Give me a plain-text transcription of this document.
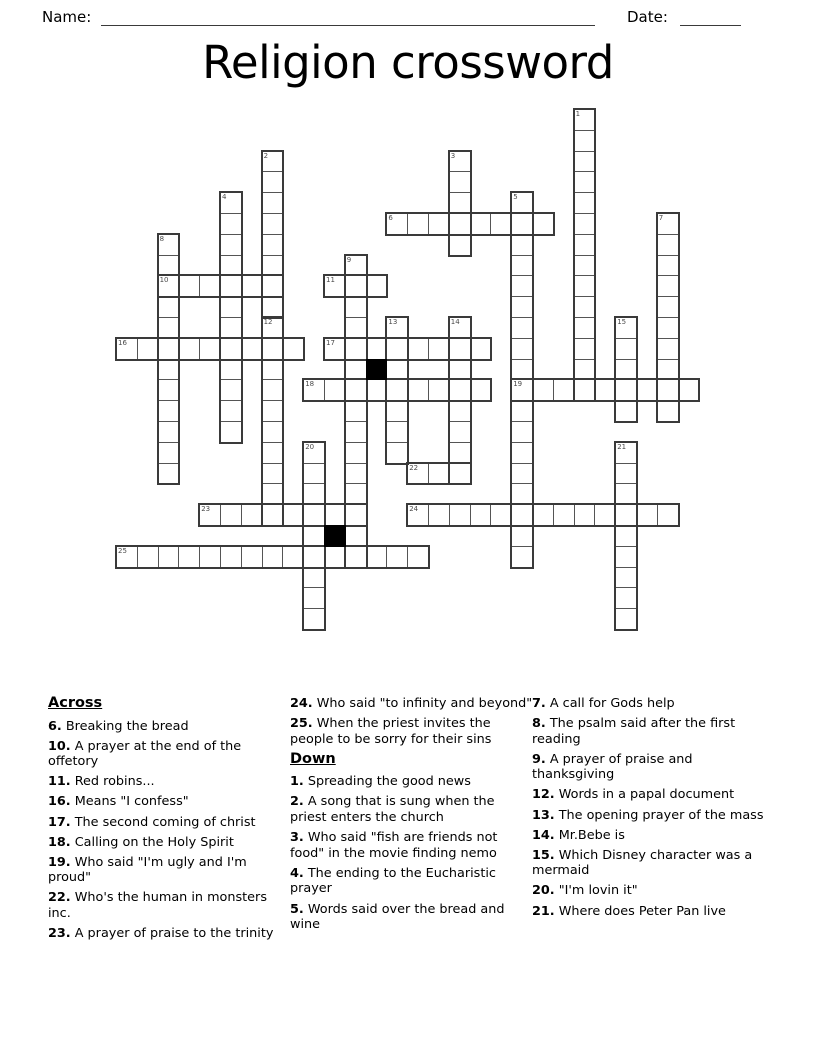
Name:	Date:
Religion crossword
1
2	3
4	5
6	7
8
9
10	11
12	13	14	15
16	17
18	19
20	21
22
23	24
25
Across

6. Breaking the bread

10. A prayer at the end of the offetory

11. Red robins...

16. Means "I confess"

17. The second coming of christ

18. Calling on the Holy Spirit

19. Who said "I'm ugly and I'm proud"

22. Who's the human in monsters inc.

23. A prayer of praise to the trinity

24. Who said "to infinity and beyond"

25. When the priest invites the people to be sorry for their sins

Down

1. Spreading the good news

2. A song that is sung when the priest enters the church

3. Who said "fish are friends not food" in the movie finding nemo

4. The ending to the Eucharistic prayer

5. Words said over the bread and wine

7. A call for Gods help

8. The psalm said after the first reading

9. A prayer of praise and thanksgiving

12. Words in a papal document

13. The opening prayer of the mass

14. Mr.Bebe is

15. Which Disney character was a mermaid

20. "I'm lovin it"

21. Where does Peter Pan live
